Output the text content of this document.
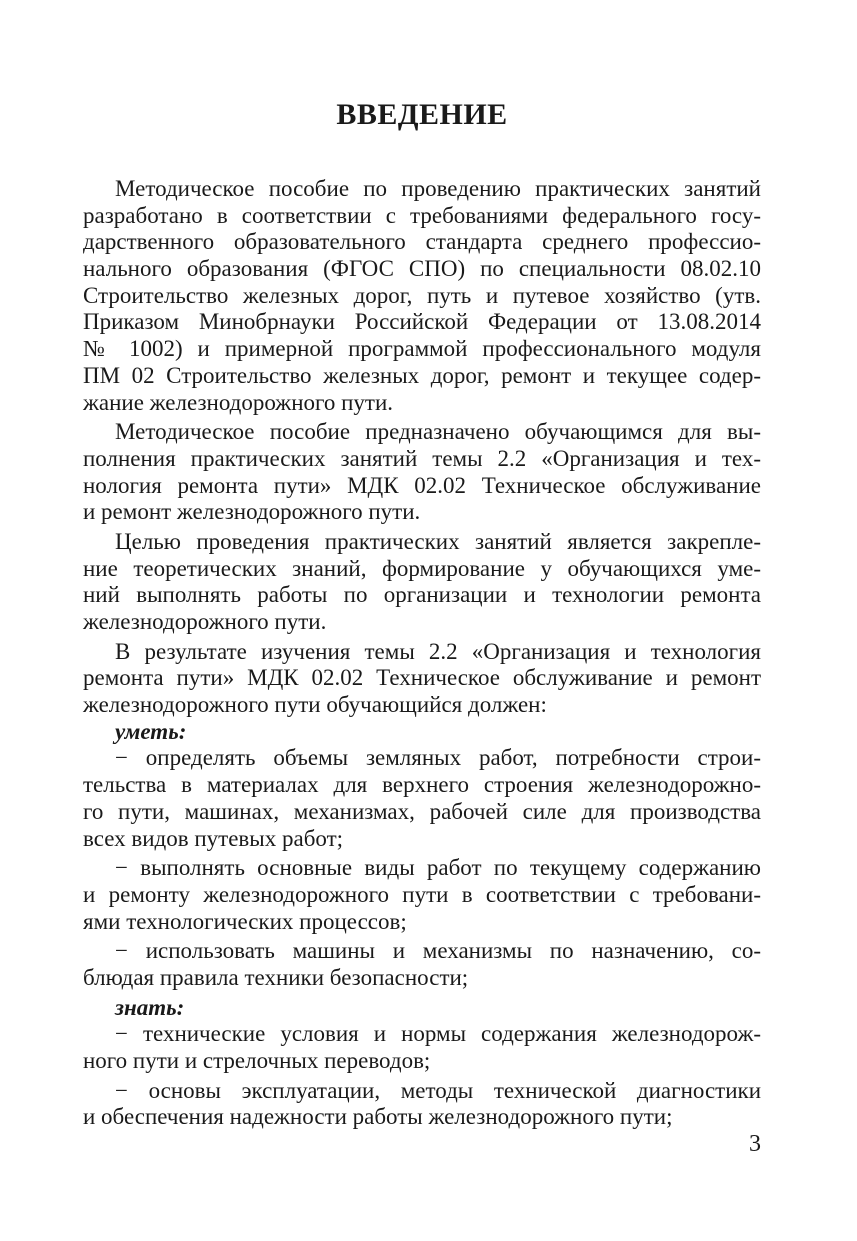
ВВЕДЕНИЕ
Методическое пособие по проведению практических занятий
разработано в соответствии с требованиями федерального госу-
дарственного образовательного стандарта среднего профессио-
нального образования (ФГОС СПО) по специальности 08.02.10
Строительство железных дорог, путь и путевое хозяйство (утв.
Приказом Минобрнауки Российской Федерации от 13.08.2014
№ 1002) и примерной программой профессионального модуля
ПМ 02 Строительство железных дорог, ремонт и текущее содер-
жание железнодорожного пути.
Методическое пособие предназначено обучающимся для вы-
полнения практических занятий темы 2.2 «Организация и тех-
нология ремонта пути» МДК 02.02 Техническое обслуживание
и ремонт железнодорожного пути.
Целью проведения практических занятий является закрепле-
ние теоретических знаний, формирование у обучающихся уме-
ний выполнять работы по организации и технологии ремонта
железнодорожного пути.
В результате изучения темы 2.2 «Организация и технология
ремонта пути» МДК 02.02 Техническое обслуживание и ремонт
железнодорожного пути обучающийся должен:
уметь:
− определять объемы земляных работ, потребности строи-
тельства в материалах для верхнего строения железнодорожно-
го пути, машинах, механизмах, рабочей силе для производства
всех видов путевых работ;
− выполнять основные виды работ по текущему содержанию
и ремонту железнодорожного пути в соответствии с требовани-
ями технологических процессов;
− использовать машины и механизмы по назначению, со-
блюдая правила техники безопасности;
знать:
− технические условия и нормы содержания железнодорож-
ного пути и стрелочных переводов;
− основы эксплуатации, методы технической диагностики
и обеспечения надежности работы железнодорожного пути;
3
